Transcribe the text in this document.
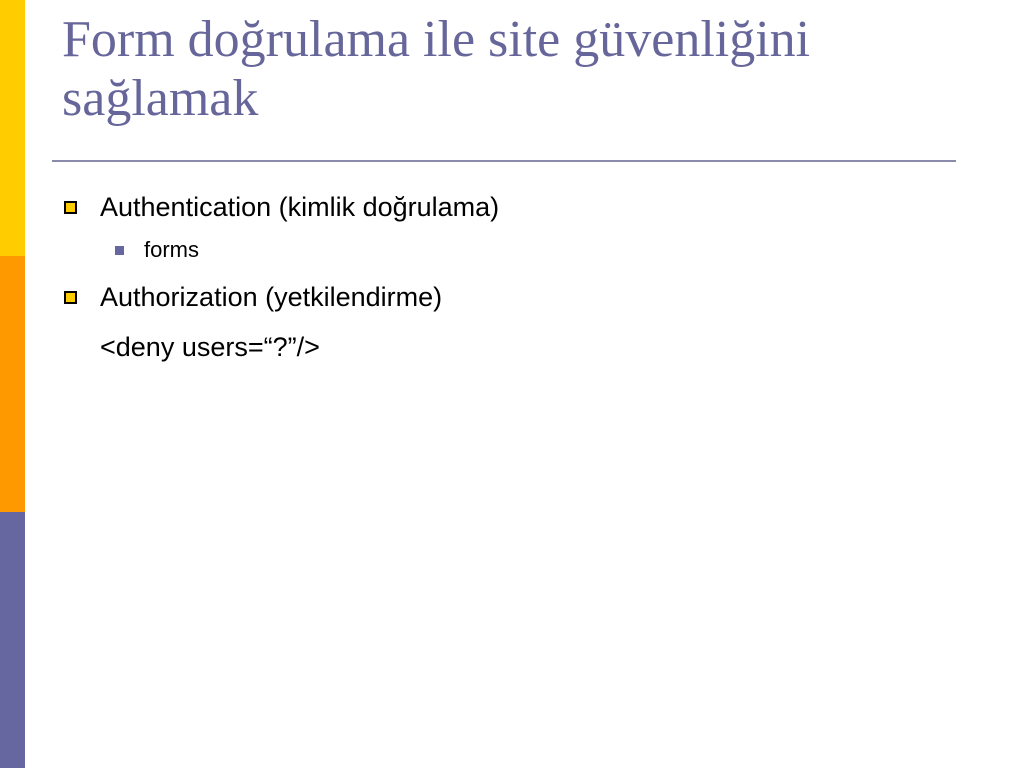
Form doğrulama ile site güvenliğini
sağlamak
Authentication (kimlik doğrulama)
forms
Authorization (yetkilendirme)
<deny users=“?”/>
